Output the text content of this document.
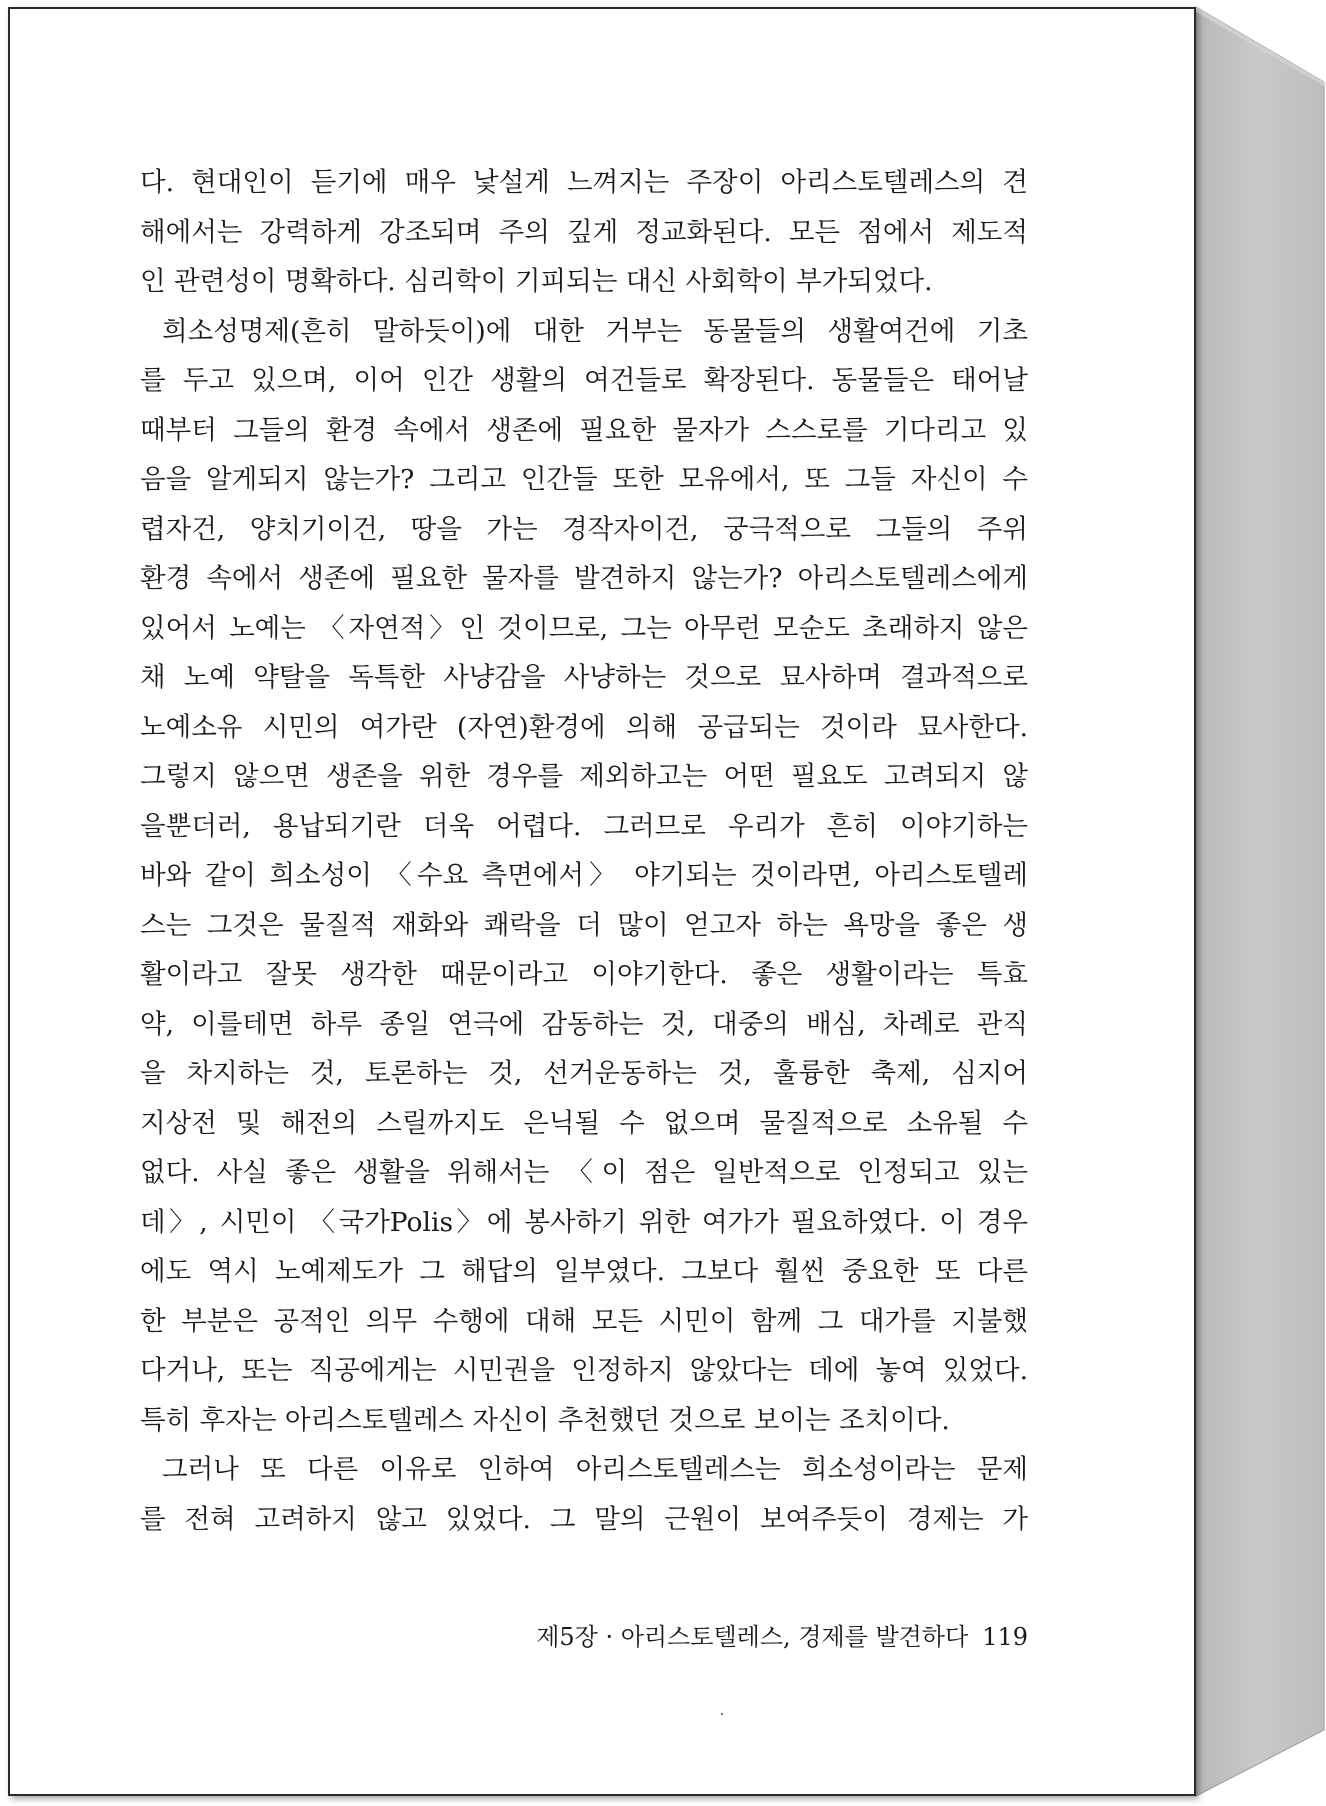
다. 현대인이 듣기에 매우 낯설게 느껴지는 주장이 아리스토텔레스의 견
해에서는 강력하게 강조되며 주의 깊게 정교화된다. 모든 점에서 제도적
인 관련성이 명확하다. 심리학이 기피되는 대신 사회학이 부가되었다.
희소성명제(흔히 말하듯이)에 대한 거부는 동물들의 생활여건에 기초
를 두고 있으며, 이어 인간 생활의 여건들로 확장된다. 동물들은 태어날
때부터 그들의 환경 속에서 생존에 필요한 물자가 스스로를 기다리고 있
음을 알게되지 않는가? 그리고 인간들 또한 모유에서, 또 그들 자신이 수
렵자건, 양치기이건, 땅을 가는 경작자이건, 궁극적으로 그들의 주위
환경 속에서 생존에 필요한 물자를 발견하지 않는가? 아리스토텔레스에게
있어서 노예는 〈자연적〉인 것이므로, 그는 아무런 모순도 초래하지 않은
채 노예 약탈을 독특한 사냥감을 사냥하는 것으로 묘사하며 결과적으로
노예소유 시민의 여가란 (자연)환경에 의해 공급되는 것이라 묘사한다.
그렇지 않으면 생존을 위한 경우를 제외하고는 어떤 필요도 고려되지 않
을뿐더러, 용납되기란 더욱 어렵다. 그러므로 우리가 흔히 이야기하는
바와 같이 희소성이 〈수요 측면에서〉 야기되는 것이라면, 아리스토텔레
스는 그것은 물질적 재화와 쾌락을 더 많이 얻고자 하는 욕망을 좋은 생
활이라고 잘못 생각한 때문이라고 이야기한다. 좋은 생활이라는 특효
약, 이를테면 하루 종일 연극에 감동하는 것, 대중의 배심, 차례로 관직
을 차지하는 것, 토론하는 것, 선거운동하는 것, 훌륭한 축제, 심지어
지상전 및 해전의 스릴까지도 은닉될 수 없으며 물질적으로 소유될 수
없다. 사실 좋은 생활을 위해서는 〈이 점은 일반적으로 인정되고 있는
데〉, 시민이 〈국가Polis〉에 봉사하기 위한 여가가 필요하였다. 이 경우
에도 역시 노예제도가 그 해답의 일부였다. 그보다 훨씬 중요한 또 다른
한 부분은 공적인 의무 수행에 대해 모든 시민이 함께 그 대가를 지불했
다거나, 또는 직공에게는 시민권을 인정하지 않았다는 데에 놓여 있었다.
특히 후자는 아리스토텔레스 자신이 추천했던 것으로 보이는 조치이다.
그러나 또 다른 이유로 인하여 아리스토텔레스는 희소성이라는 문제
를 전혀 고려하지 않고 있었다. 그 말의 근원이 보여주듯이 경제는 가
제5장 · 아리스토텔레스, 경제를 발견하다 119
